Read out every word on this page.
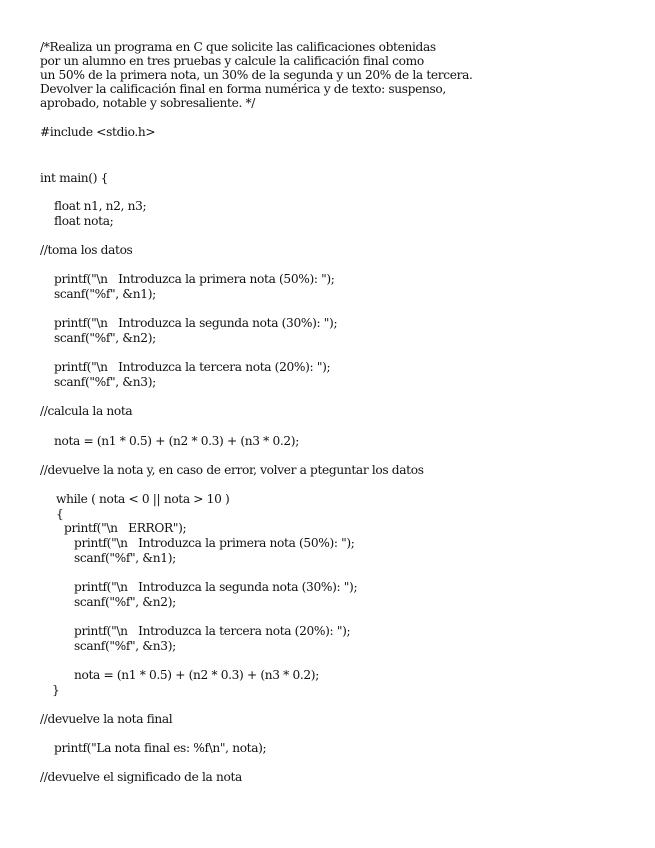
/*Realiza un programa en C que solicite las calificaciones obtenidas
por un alumno en tres pruebas y calcule la calificación final como
un 50% de la primera nota, un 30% de la segunda y un 20% de la tercera.
Devolver la calificación final en forma numérica y de texto: suspenso,
aprobado, notable y sobresaliente. */
#include <stdio.h>
int main() {
float n1, n2, n3;
float nota;
//toma los datos
printf("\n   Introduzca la primera nota (50%): ");
scanf("%f", &n1);
printf("\n   Introduzca la segunda nota (30%): ");
scanf("%f", &n2);
printf("\n   Introduzca la tercera nota (20%): ");
scanf("%f", &n3);
//calcula la nota
nota = (n1 * 0.5) + (n2 * 0.3) + (n3 * 0.2);
//devuelve la nota y, en caso de error, volver a pteguntar los datos
while ( nota < 0 || nota > 10 )
{
printf("\n   ERROR");
printf("\n   Introduzca la primera nota (50%): ");
scanf("%f", &n1);
printf("\n   Introduzca la segunda nota (30%): ");
scanf("%f", &n2);
printf("\n   Introduzca la tercera nota (20%): ");
scanf("%f", &n3);
nota = (n1 * 0.5) + (n2 * 0.3) + (n3 * 0.2);
}
//devuelve la nota final
printf("La nota final es: %f\n", nota);
//devuelve el significado de la nota
